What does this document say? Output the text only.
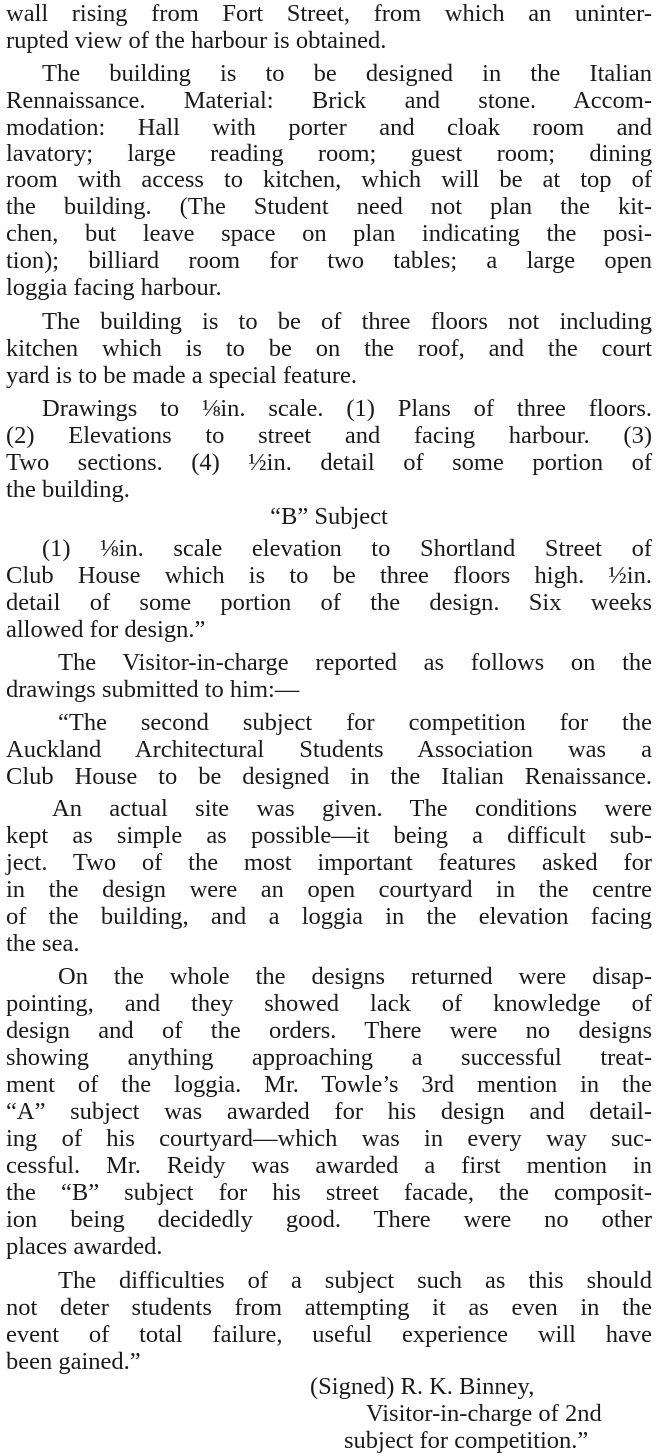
wall rising from Fort Street, from which an uninter-
rupted view of the harbour is obtained.
The building is to be designed in the Italian
Rennaissance. Material: Brick and stone. Accom-
modation: Hall with porter and cloak room and
lavatory; large reading room; guest room; dining
room with access to kitchen, which will be at top of
the building. (The Student need not plan the kit-
chen, but leave space on plan indicating the posi-
tion); billiard room for two tables; a large open
loggia facing harbour.
The building is to be of three floors not including
kitchen which is to be on the roof, and the court
yard is to be made a special feature.
Drawings to ⅛in. scale. (1) Plans of three floors.
(2) Elevations to street and facing harbour. (3)
Two sections. (4) ½in. detail of some portion of
the building.
“B” Subject
(1) ⅛in. scale elevation to Shortland Street of
Club House which is to be three floors high. ½in.
detail of some portion of the design. Six weeks
allowed for design.”
The Visitor-in-charge reported as follows on the
drawings submitted to him:—
“The second subject for competition for the
Auckland Architectural Students Association was a
Club House to be designed in the Italian Renaissance.
An actual site was given. The conditions were
kept as simple as possible—it being a difficult sub-
ject. Two of the most important features asked for
in the design were an open courtyard in the centre
of the building, and a loggia in the elevation facing
the sea.
On the whole the designs returned were disap-
pointing, and they showed lack of knowledge of
design and of the orders. There were no designs
showing anything approaching a successful treat-
ment of the loggia. Mr. Towle’s 3rd mention in the
“A” subject was awarded for his design and detail-
ing of his courtyard—which was in every way suc-
cessful. Mr. Reidy was awarded a first mention in
the “B” subject for his street facade, the composit-
ion being decidedly good. There were no other
places awarded.
The difficulties of a subject such as this should
not deter students from attempting it as even in the
event of total failure, useful experience will have
been gained.”
(Signed) R. K. Binney,
Visitor-in-charge of 2nd
subject for competition.”
